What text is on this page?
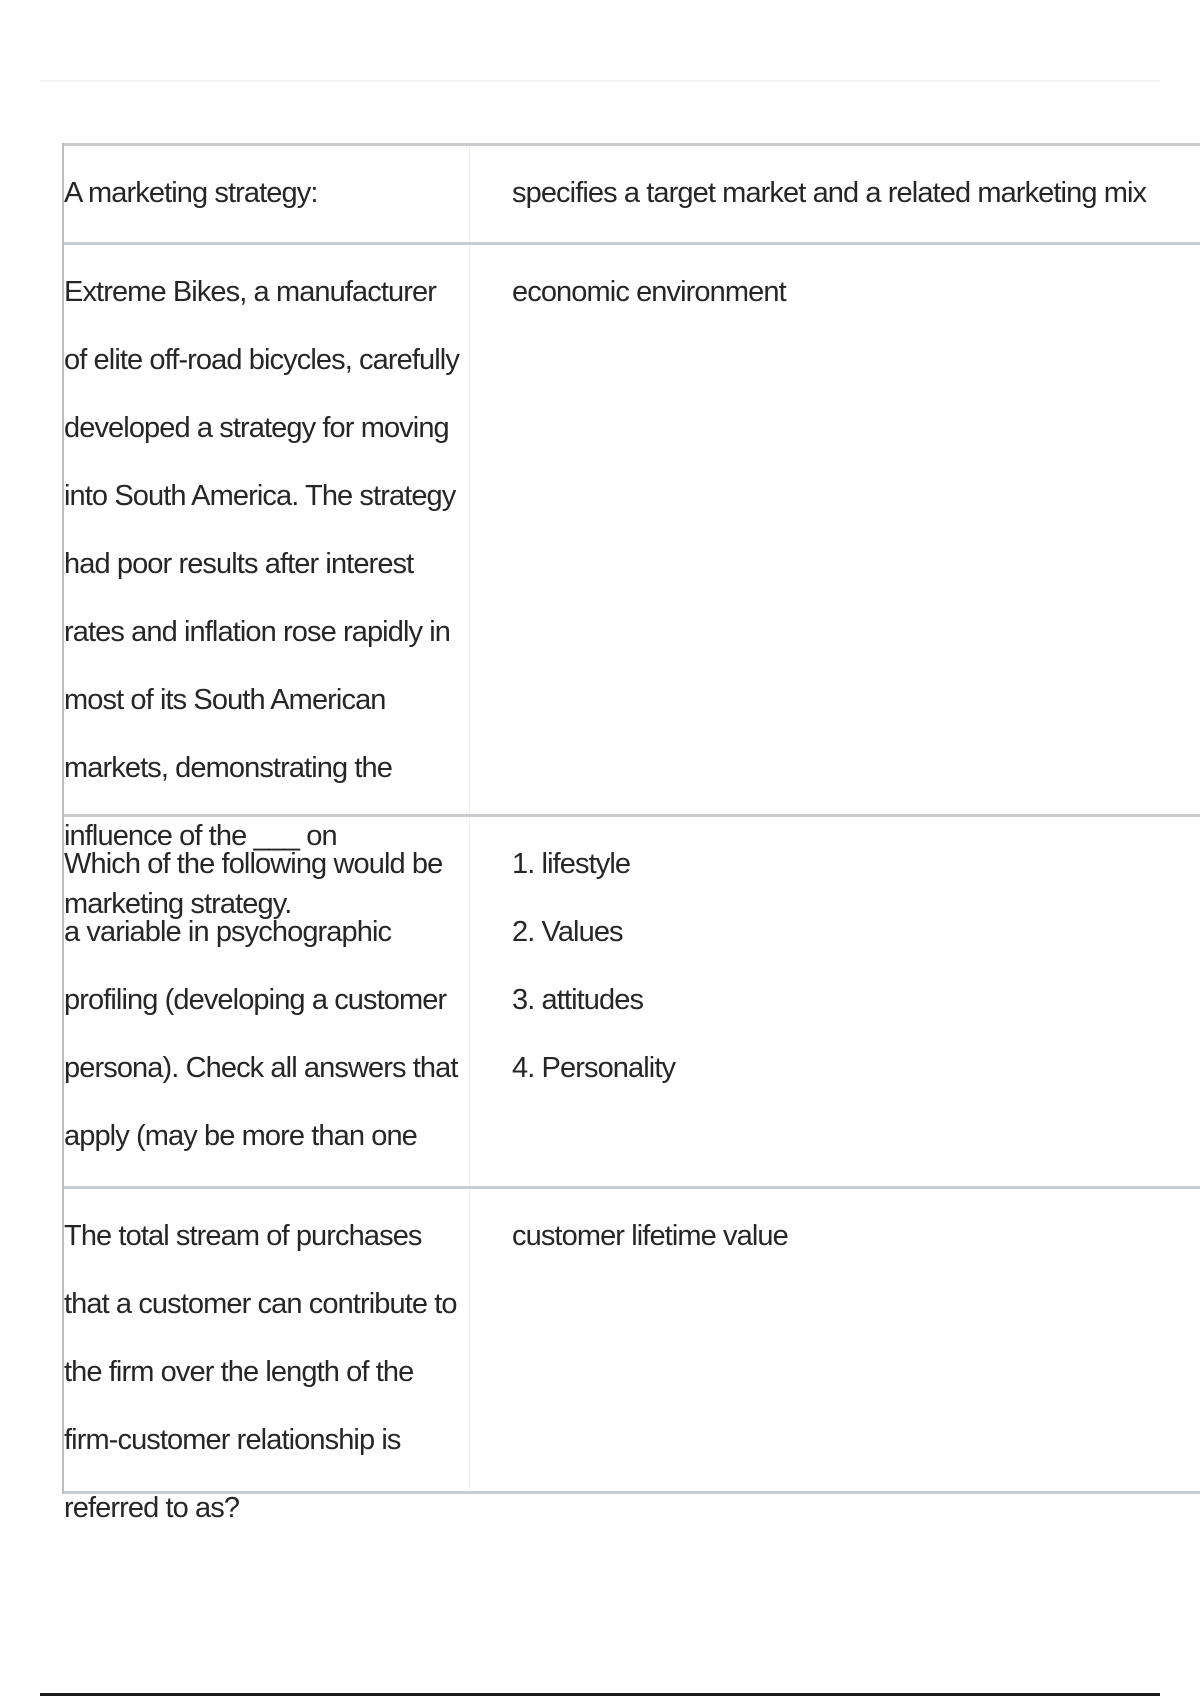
A marketing strategy:	specifies a target market and a related marketing mix
Extreme Bikes, a manufacturer of elite off-road bicycles, carefully developed a strategy for moving into South America. The strategy had poor results after interest rates and inflation rose rapidly in most of its South American markets, demonstrating the influence of the ___ on marketing strategy.
economic environment
Which of the following would be a variable in psychographic profiling (developing a customer persona). Check all answers that apply (may be more than one
1. lifestyle
2. Values
3. attitudes
4. Personality
The total stream of purchases that a customer can contribute to the firm over the length of the firm-customer relationship is referred to as?
customer lifetime value
